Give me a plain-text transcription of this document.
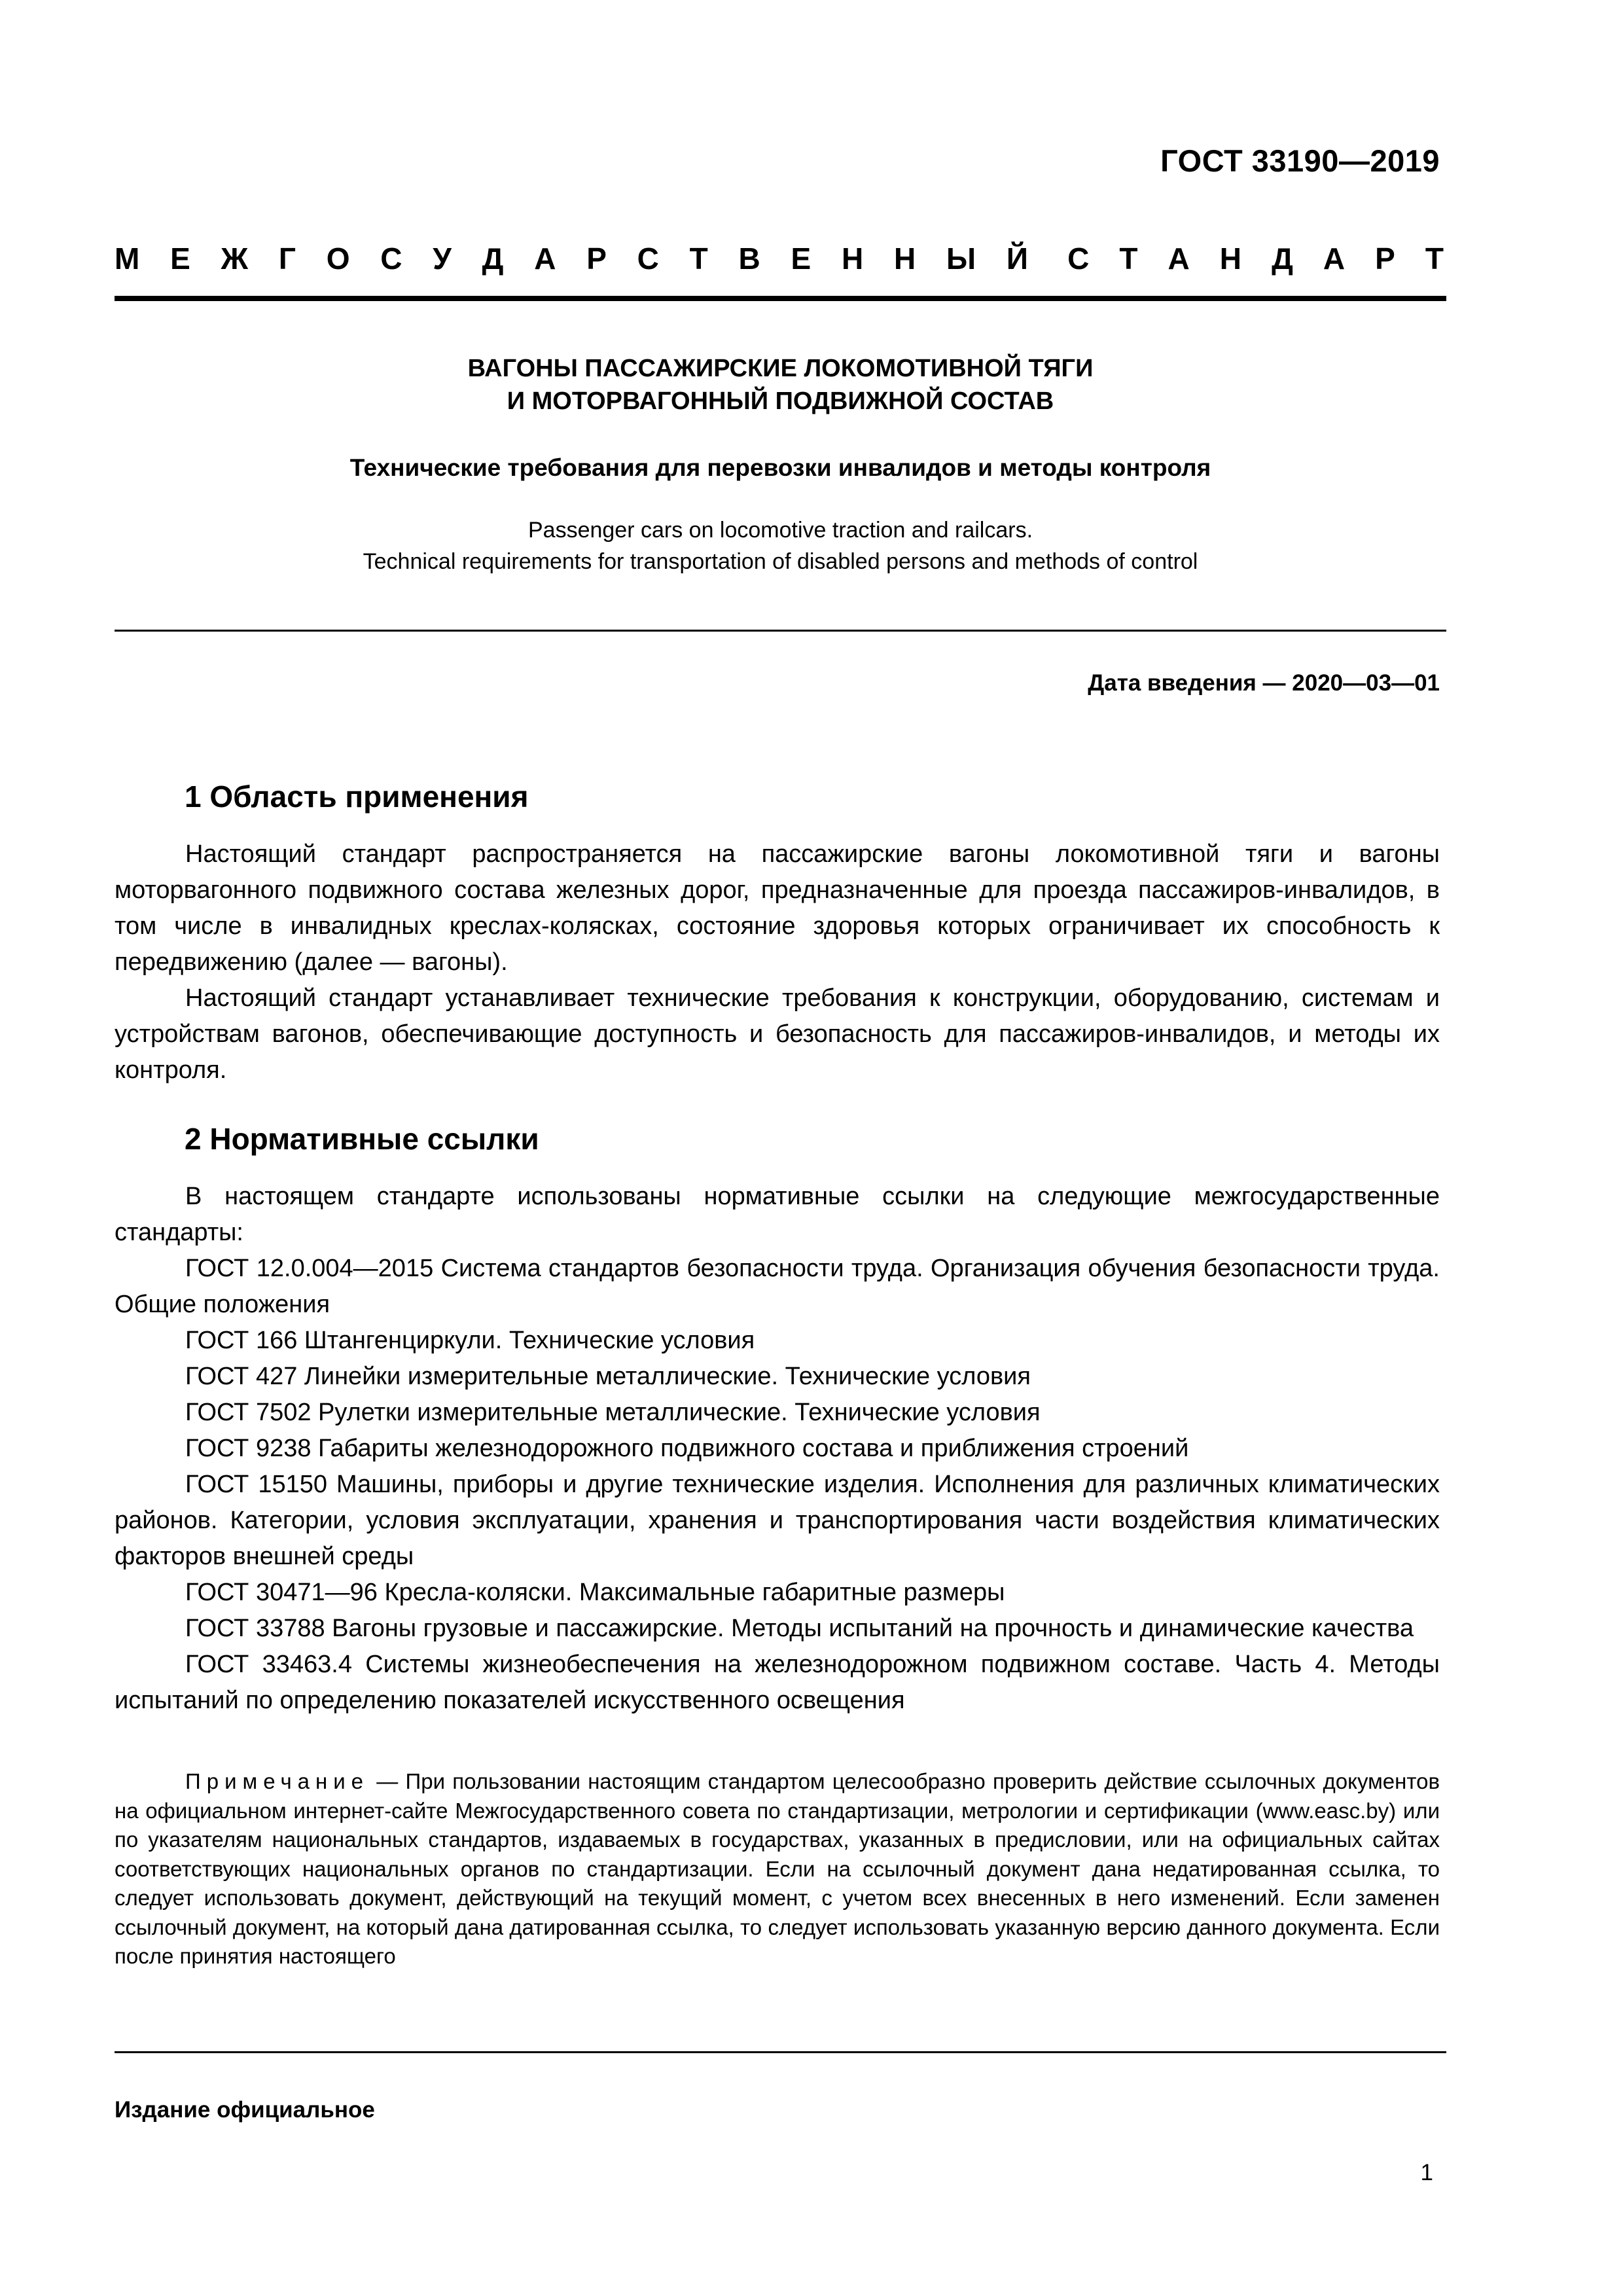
ГОСТ 33190—2019
М Е Ж Г О С У Д А Р С Т В Е Н Н Ы Й С Т А Н Д А Р Т
ВАГОНЫ ПАССАЖИРСКИЕ ЛОКОМОТИВНОЙ ТЯГИ
И МОТОРВАГОННЫЙ ПОДВИЖНОЙ СОСТАВ
Технические требования для перевозки инвалидов и методы контроля
Passenger cars on locomotive traction and railcars.
Technical requirements for transportation of disabled persons and methods of control
Дата введения — 2020—03—01
1 Область применения

Настоящий стандарт распространяется на пассажирские вагоны локомотивной тяги и вагоны моторвагонного подвижного состава железных дорог, предназначенные для проезда пассажиров-инвалидов, в том числе в инвалидных креслах-колясках, состояние здоровья которых ограничивает их способность к передвижению (далее — вагоны).

Настоящий стандарт устанавливает технические требования к конструкции, оборудованию, системам и устройствам вагонов, обеспечивающие доступность и безопасность для пассажиров-инвалидов, и методы их контроля.

2 Нормативные ссылки

В настоящем стандарте использованы нормативные ссылки на следующие межгосударственные стандарты:

ГОСТ 12.0.004—2015 Система стандартов безопасности труда. Организация обучения безопасности труда. Общие положения

ГОСТ 166 Штангенциркули. Технические условия

ГОСТ 427 Линейки измерительные металлические. Технические условия

ГОСТ 7502 Рулетки измерительные металлические. Технические условия

ГОСТ 9238 Габариты железнодорожного подвижного состава и приближения строений

ГОСТ 15150 Машины, приборы и другие технические изделия. Исполнения для различных климатических районов. Категории, условия эксплуатации, хранения и транспортирования части воздействия климатических факторов внешней среды

ГОСТ 30471—96 Кресла-коляски. Максимальные габаритные размеры

ГОСТ 33788 Вагоны грузовые и пассажирские. Методы испытаний на прочность и динамические качества

ГОСТ 33463.4 Системы жизнеобеспечения на железнодорожном подвижном составе. Часть 4. Методы испытаний по определению показателей искусственного освещения

Примечание — При пользовании настоящим стандартом целесообразно проверить действие ссылочных документов на официальном интернет-сайте Межгосударственного совета по стандартизации, метрологии и сертификации (www.easc.by) или по указателям национальных стандартов, издаваемых в государствах, указанных в предисловии, или на официальных сайтах соответствующих национальных органов по стандартизации. Если на ссылочный документ дана недатированная ссылка, то следует использовать документ, действующий на текущий момент, с учетом всех внесенных в него изменений. Если заменен ссылочный документ, на который дана датированная ссылка, то следует использовать указанную версию данного документа. Если после принятия настоящего

Издание официальное
1
